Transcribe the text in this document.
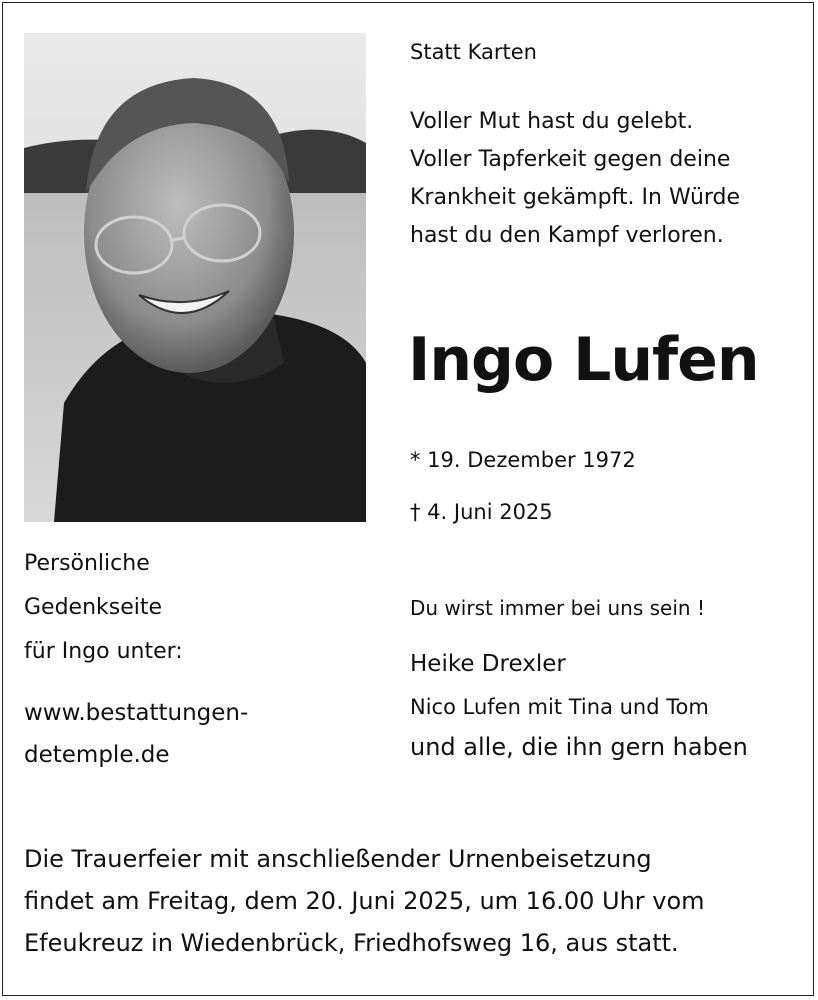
Statt Karten
Voller Mut hast du gelebt.
Voller Tapferkeit gegen deine
Krankheit gekämpft. In Würde
hast du den Kampf verloren.
Ingo Lufen
* 19. Dezember 1972
† 4. Juni 2025
Persönliche
Gedenkseite
für Ingo unter:
www.bestattungen-
detemple.de
Du wirst immer bei uns sein !
Heike Drexler
Nico Lufen mit Tina und Tom
und alle, die ihn gern haben
Die Trauerfeier mit anschließender Urnenbeisetzung
findet am Freitag, dem 20. Juni 2025, um 16.00 Uhr vom
Efeukreuz in Wiedenbrück, Friedhofsweg 16, aus statt.
